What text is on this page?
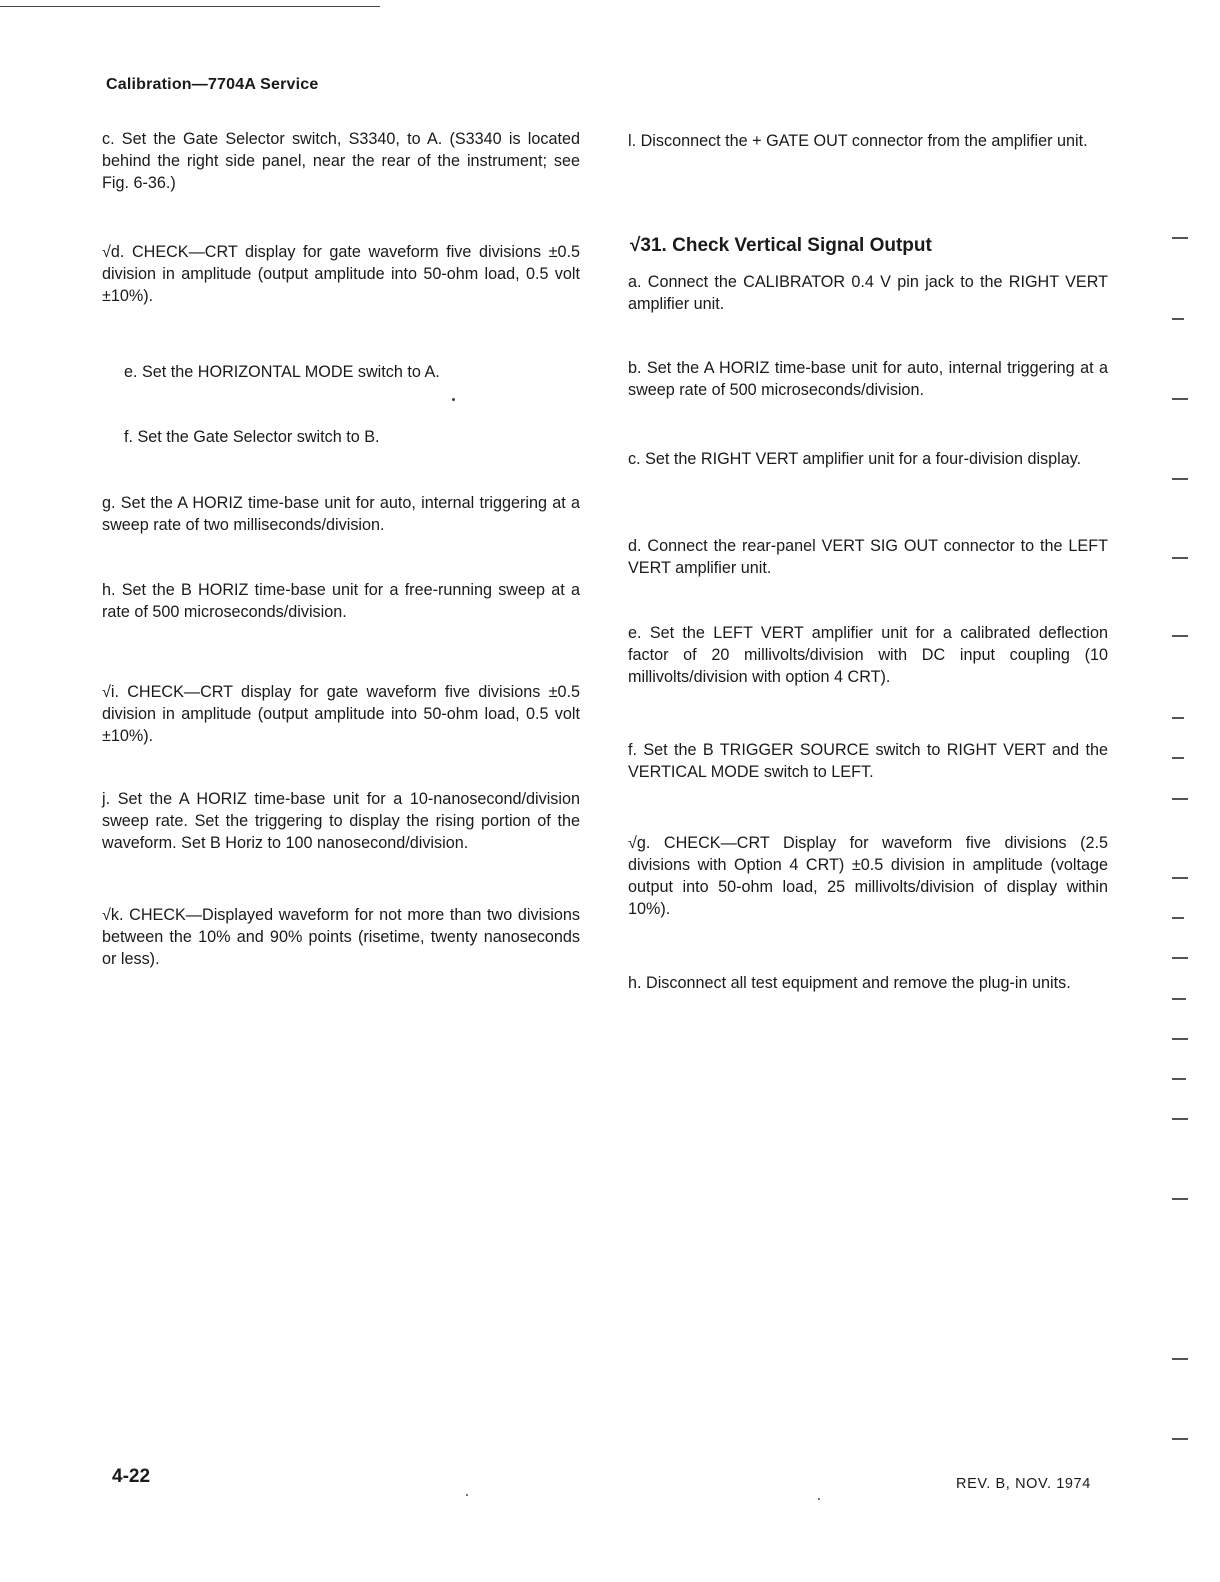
Calibration—7704A Service
c. Set the Gate Selector switch, S3340, to A. (S3340 is located behind the right side panel, near the rear of the instrument; see Fig. 6-36.)
√d. CHECK—CRT display for gate waveform five divisions ±0.5 division in amplitude (output amplitude into 50-ohm load, 0.5 volt ±10%).
e. Set the HORIZONTAL MODE switch to A.
f. Set the Gate Selector switch to B.
g. Set the A HORIZ time-base unit for auto, internal triggering at a sweep rate of two milliseconds/division.
h. Set the B HORIZ time-base unit for a free-running sweep at a rate of 500 microseconds/division.
√i. CHECK—CRT display for gate waveform five divisions ±0.5 division in amplitude (output amplitude into 50-ohm load, 0.5 volt ±10%).
j. Set the A HORIZ time-base unit for a 10-nanosecond/division sweep rate. Set the triggering to display the rising portion of the waveform. Set B Horiz to 100 nanosecond/division.
√k. CHECK—Displayed waveform for not more than two divisions between the 10% and 90% points (risetime, twenty nanoseconds or less).
l. Disconnect the + GATE OUT connector from the amplifier unit.
√31. Check Vertical Signal Output
a. Connect the CALIBRATOR 0.4 V pin jack to the RIGHT VERT amplifier unit.
b. Set the A HORIZ time-base unit for auto, internal triggering at a sweep rate of 500 microseconds/division.
c. Set the RIGHT VERT amplifier unit for a four-division display.
d. Connect the rear-panel VERT SIG OUT connector to the LEFT VERT amplifier unit.
e. Set the LEFT VERT amplifier unit for a calibrated deflection factor of 20 millivolts/division with DC input coupling (10 millivolts/division with option 4 CRT).
f. Set the B TRIGGER SOURCE switch to RIGHT VERT and the VERTICAL MODE switch to LEFT.
√g. CHECK—CRT Display for waveform five divisions (2.5 divisions with Option 4 CRT) ±0.5 division in amplitude (voltage output into 50-ohm load, 25 millivolts/division of display within 10%).
h. Disconnect all test equipment and remove the plug-in units.
4-22	REV. B, NOV. 1974
